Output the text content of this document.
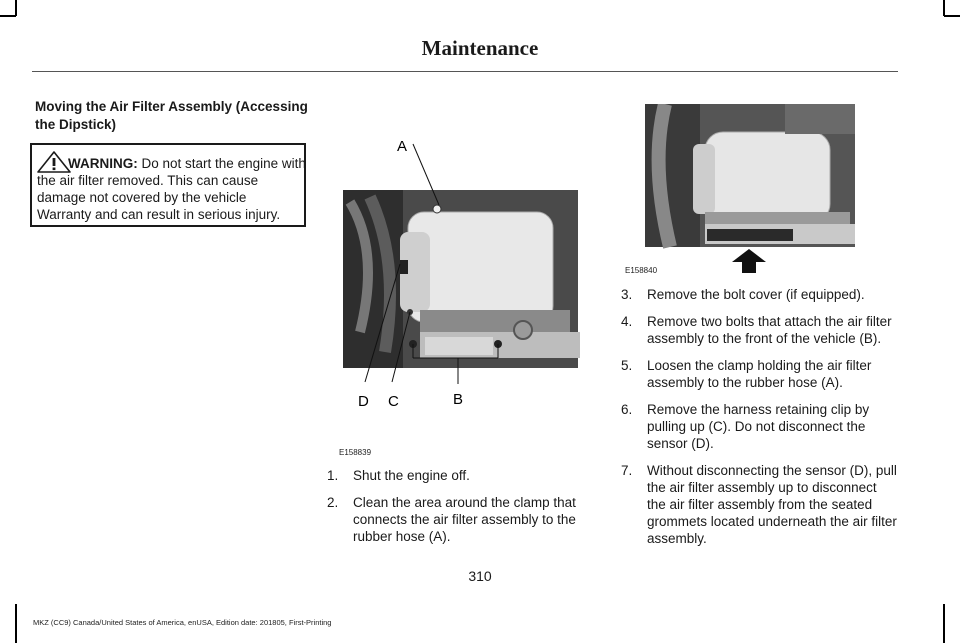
Maintenance
Moving the Air Filter Assembly (Accessing the Dipstick)
WARNING: Do not start the engine with
the air filter removed. This can cause damage not covered by the vehicle Warranty and can result in serious injury.
A
B
C
D
E158839
E158840
1. Shut the engine off.
2. Clean the area around the clamp that connects the air filter assembly to the rubber hose (A).
3. Remove the bolt cover (if equipped).
4. Remove two bolts that attach the air filter assembly to the front of the vehicle (B).
5. Loosen the clamp holding the air filter assembly to the rubber hose (A).
6. Remove the harness retaining clip by pulling up (C). Do not disconnect the sensor (D).
7. Without disconnecting the sensor (D), pull the air filter assembly up to disconnect the air filter assembly from the seated grommets located underneath the air filter assembly.
310
MKZ (CC9) Canada/United States of America, enUSA, Edition date: 201805, First-Printing
